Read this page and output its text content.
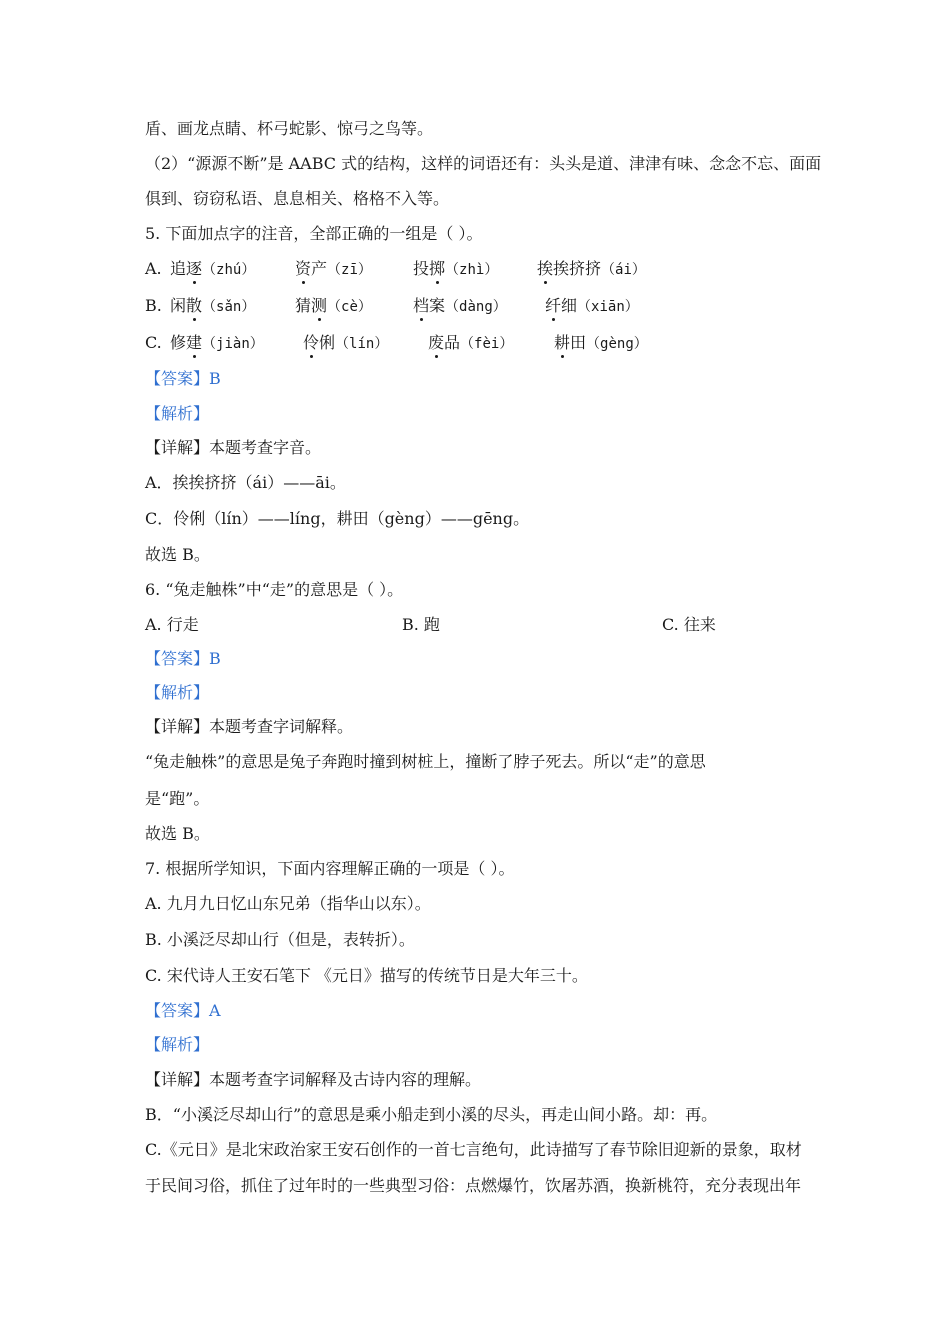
盾、画龙点睛、杯弓蛇影、惊弓之鸟等。
（2）“源源不断”是 AABC 式的结构，这样的词语还有：头头是道、津津有味、念念不忘、面面
俱到、窃窃私语、息息相关、格格不入等。
5. 下面加点字的注音，全部正确的一组是（ ）。
A. 追逐（zhú） 资产（zī）	投掷（zhì） 挨挨挤挤（ái）
B. 闲散（sǎn） 猜测（cè）	档案（dàng） 纤细（xiān）
C. 修建（jiàn） 伶俐（lín） 废品（fèi）	耕田（gèng）
【答案】B
【解析】
【详解】本题考查字音。
A．挨挨挤挤（ái）——āi。
C．伶俐（lín）——líng，耕田（gèng）——gēng。
故选 B。
6. “兔走触株”中“走”的意思是（ ）。
A. 行走	B. 跑	C. 往来
【答案】B
【解析】
【详解】本题考查字词解释。
“兔走触株”的意思是兔子奔跑时撞到树桩上，撞断了脖子死去。所以“走”的意思
是“跑”。
故选 B。
7. 根据所学知识，下面内容理解正确的一项是（ ）。
A. 九月九日忆山东兄弟（指华山以东）。
B. 小溪泛尽却山行（但是，表转折）。
C. 宋代诗人王安石笔下 《元日》描写的传统节日是大年三十。
【答案】A
【解析】
【详解】本题考查字词解释及古诗内容的理解。
B．“小溪泛尽却山行”的意思是乘小船走到小溪的尽头，再走山间小路。却：再。
C.《元日》是北宋政治家王安石创作的一首七言绝句，此诗描写了春节除旧迎新的景象，取材
于民间习俗，抓住了过年时的一些典型习俗：点燃爆竹，饮屠苏酒，换新桃符，充分表现出年
